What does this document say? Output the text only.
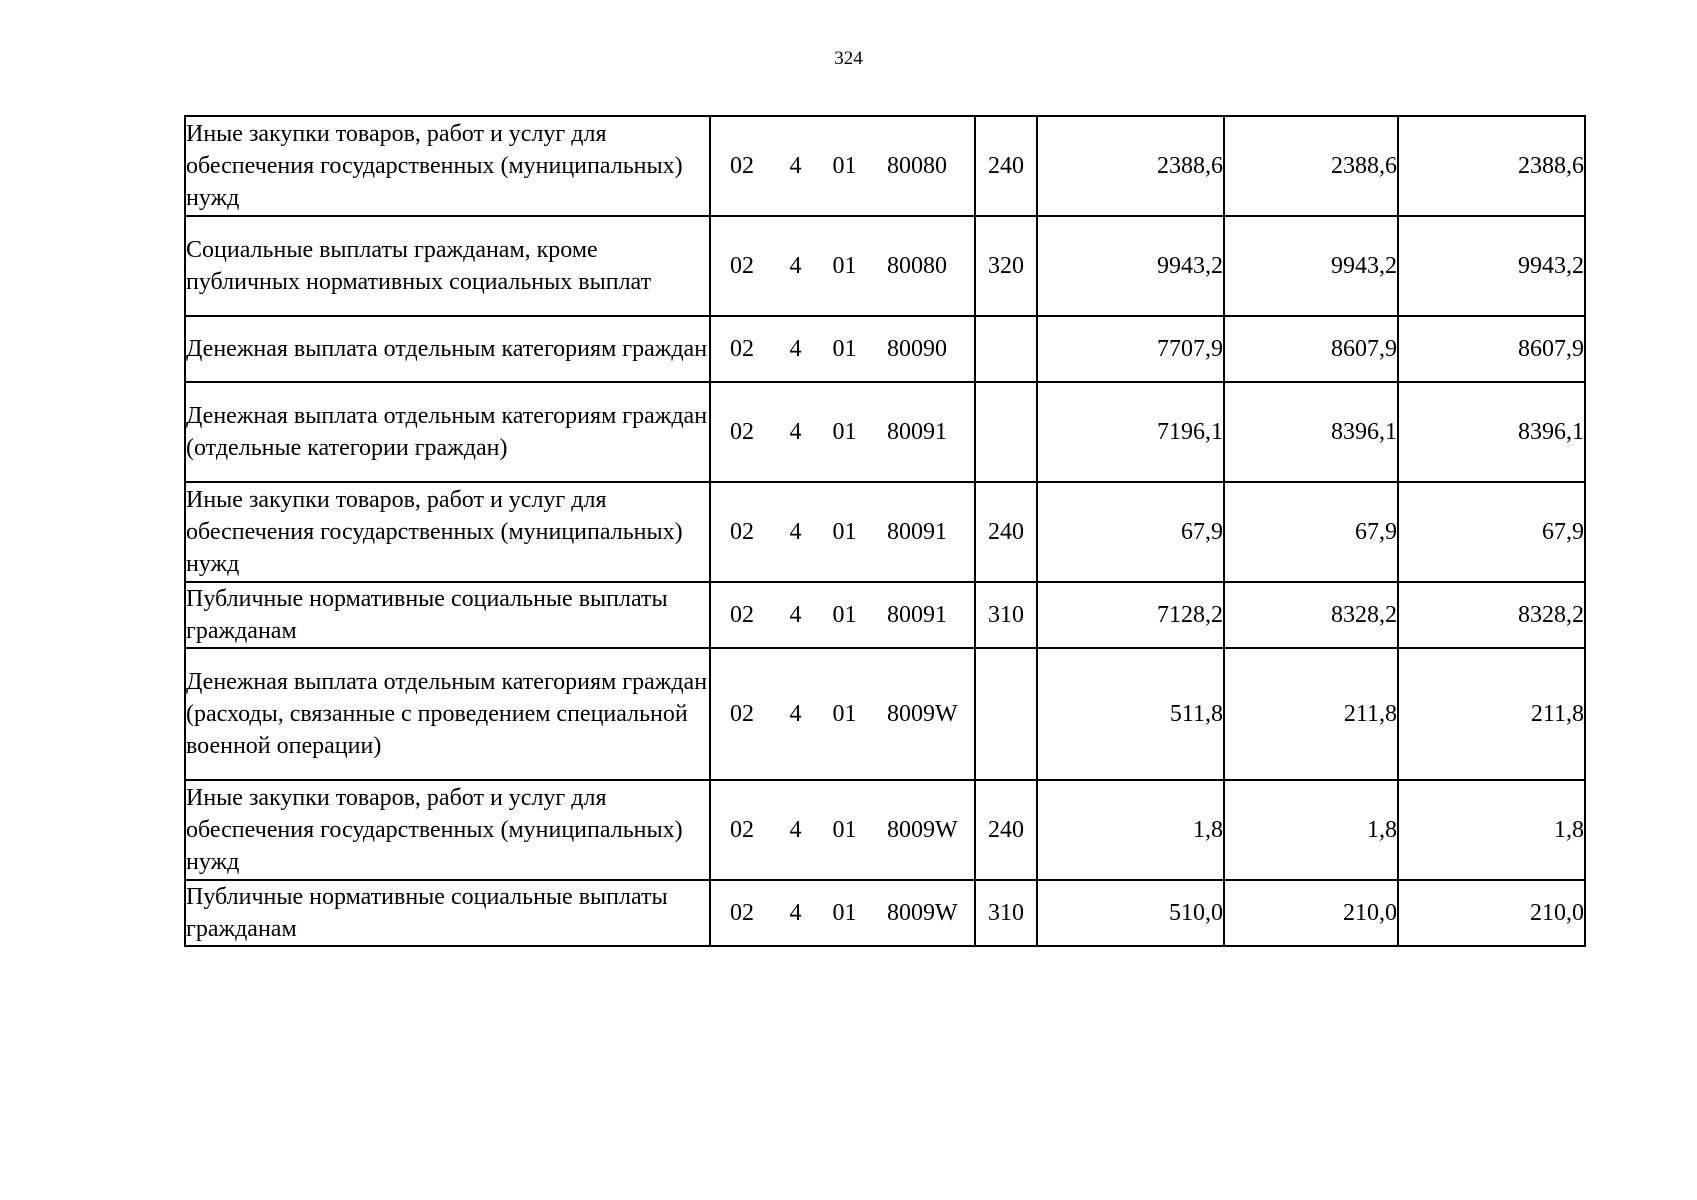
324
Иные закупки товаров, работ и услуг для обеспечения государственных (муниципальных) нужд	02 4 01 80080	240	2388,6	2388,6	2388,6
Социальные выплаты гражданам, кроме публичных нормативных социальных выплат	02 4 01 80080	320	9943,2	9943,2	9943,2
Денежная выплата отдельным категориям граждан	02 4 01 80090		7707,9	8607,9	8607,9
Денежная выплата отдельным категориям граждан (отдельные категории граждан)	02 4 01 80091		7196,1	8396,1	8396,1
Иные закупки товаров, работ и услуг для обеспечения государственных (муниципальных) нужд	02 4 01 80091	240	67,9	67,9	67,9
Публичные нормативные социальные выплаты гражданам	02 4 01 80091	310	7128,2	8328,2	8328,2
Денежная выплата отдельным категориям граждан (расходы, связанные с проведением специальной военной операции)	02 4 01 8009W		511,8	211,8	211,8
Иные закупки товаров, работ и услуг для обеспечения государственных (муниципальных) нужд	02 4 01 8009W	240	1,8	1,8	1,8
Публичные нормативные социальные выплаты гражданам	02 4 01 8009W	310	510,0	210,0	210,0
